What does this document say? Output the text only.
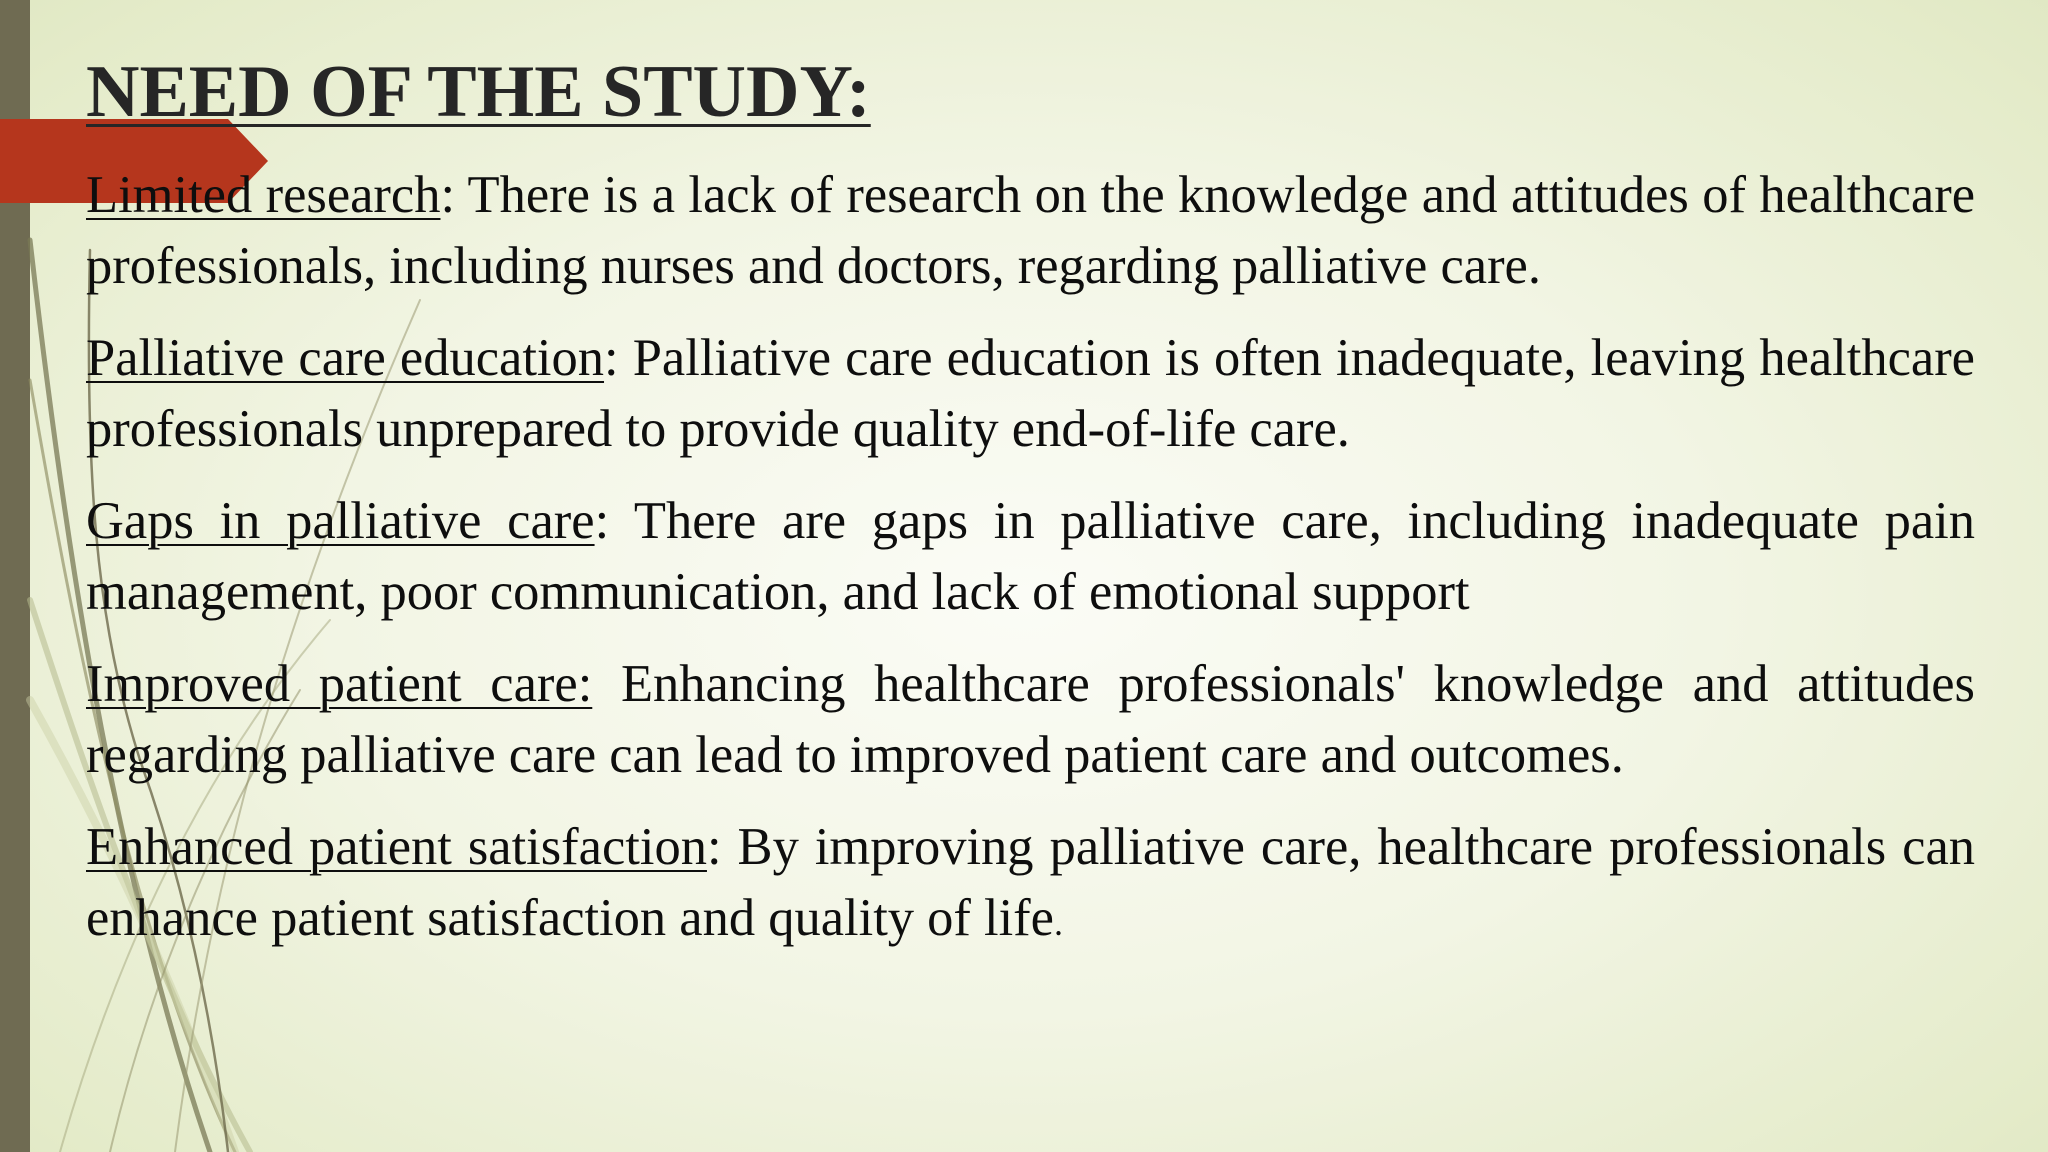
NEED OF THE STUDY:

Limited research: There is a lack of research on the knowledge and attitudes of healthcare professionals, including nurses and doctors, regarding palliative care.

Palliative care education: Palliative care education is often inadequate, leaving healthcare professionals unprepared to provide quality end-of-life care.

Gaps in palliative care: There are gaps in palliative care, including inadequate pain management, poor communication, and lack of emotional support

Improved patient care: Enhancing healthcare professionals' knowledge and attitudes regarding palliative care can lead to improved patient care and outcomes.

Enhanced patient satisfaction: By improving palliative care, healthcare professionals can enhance patient satisfaction and quality of life.
